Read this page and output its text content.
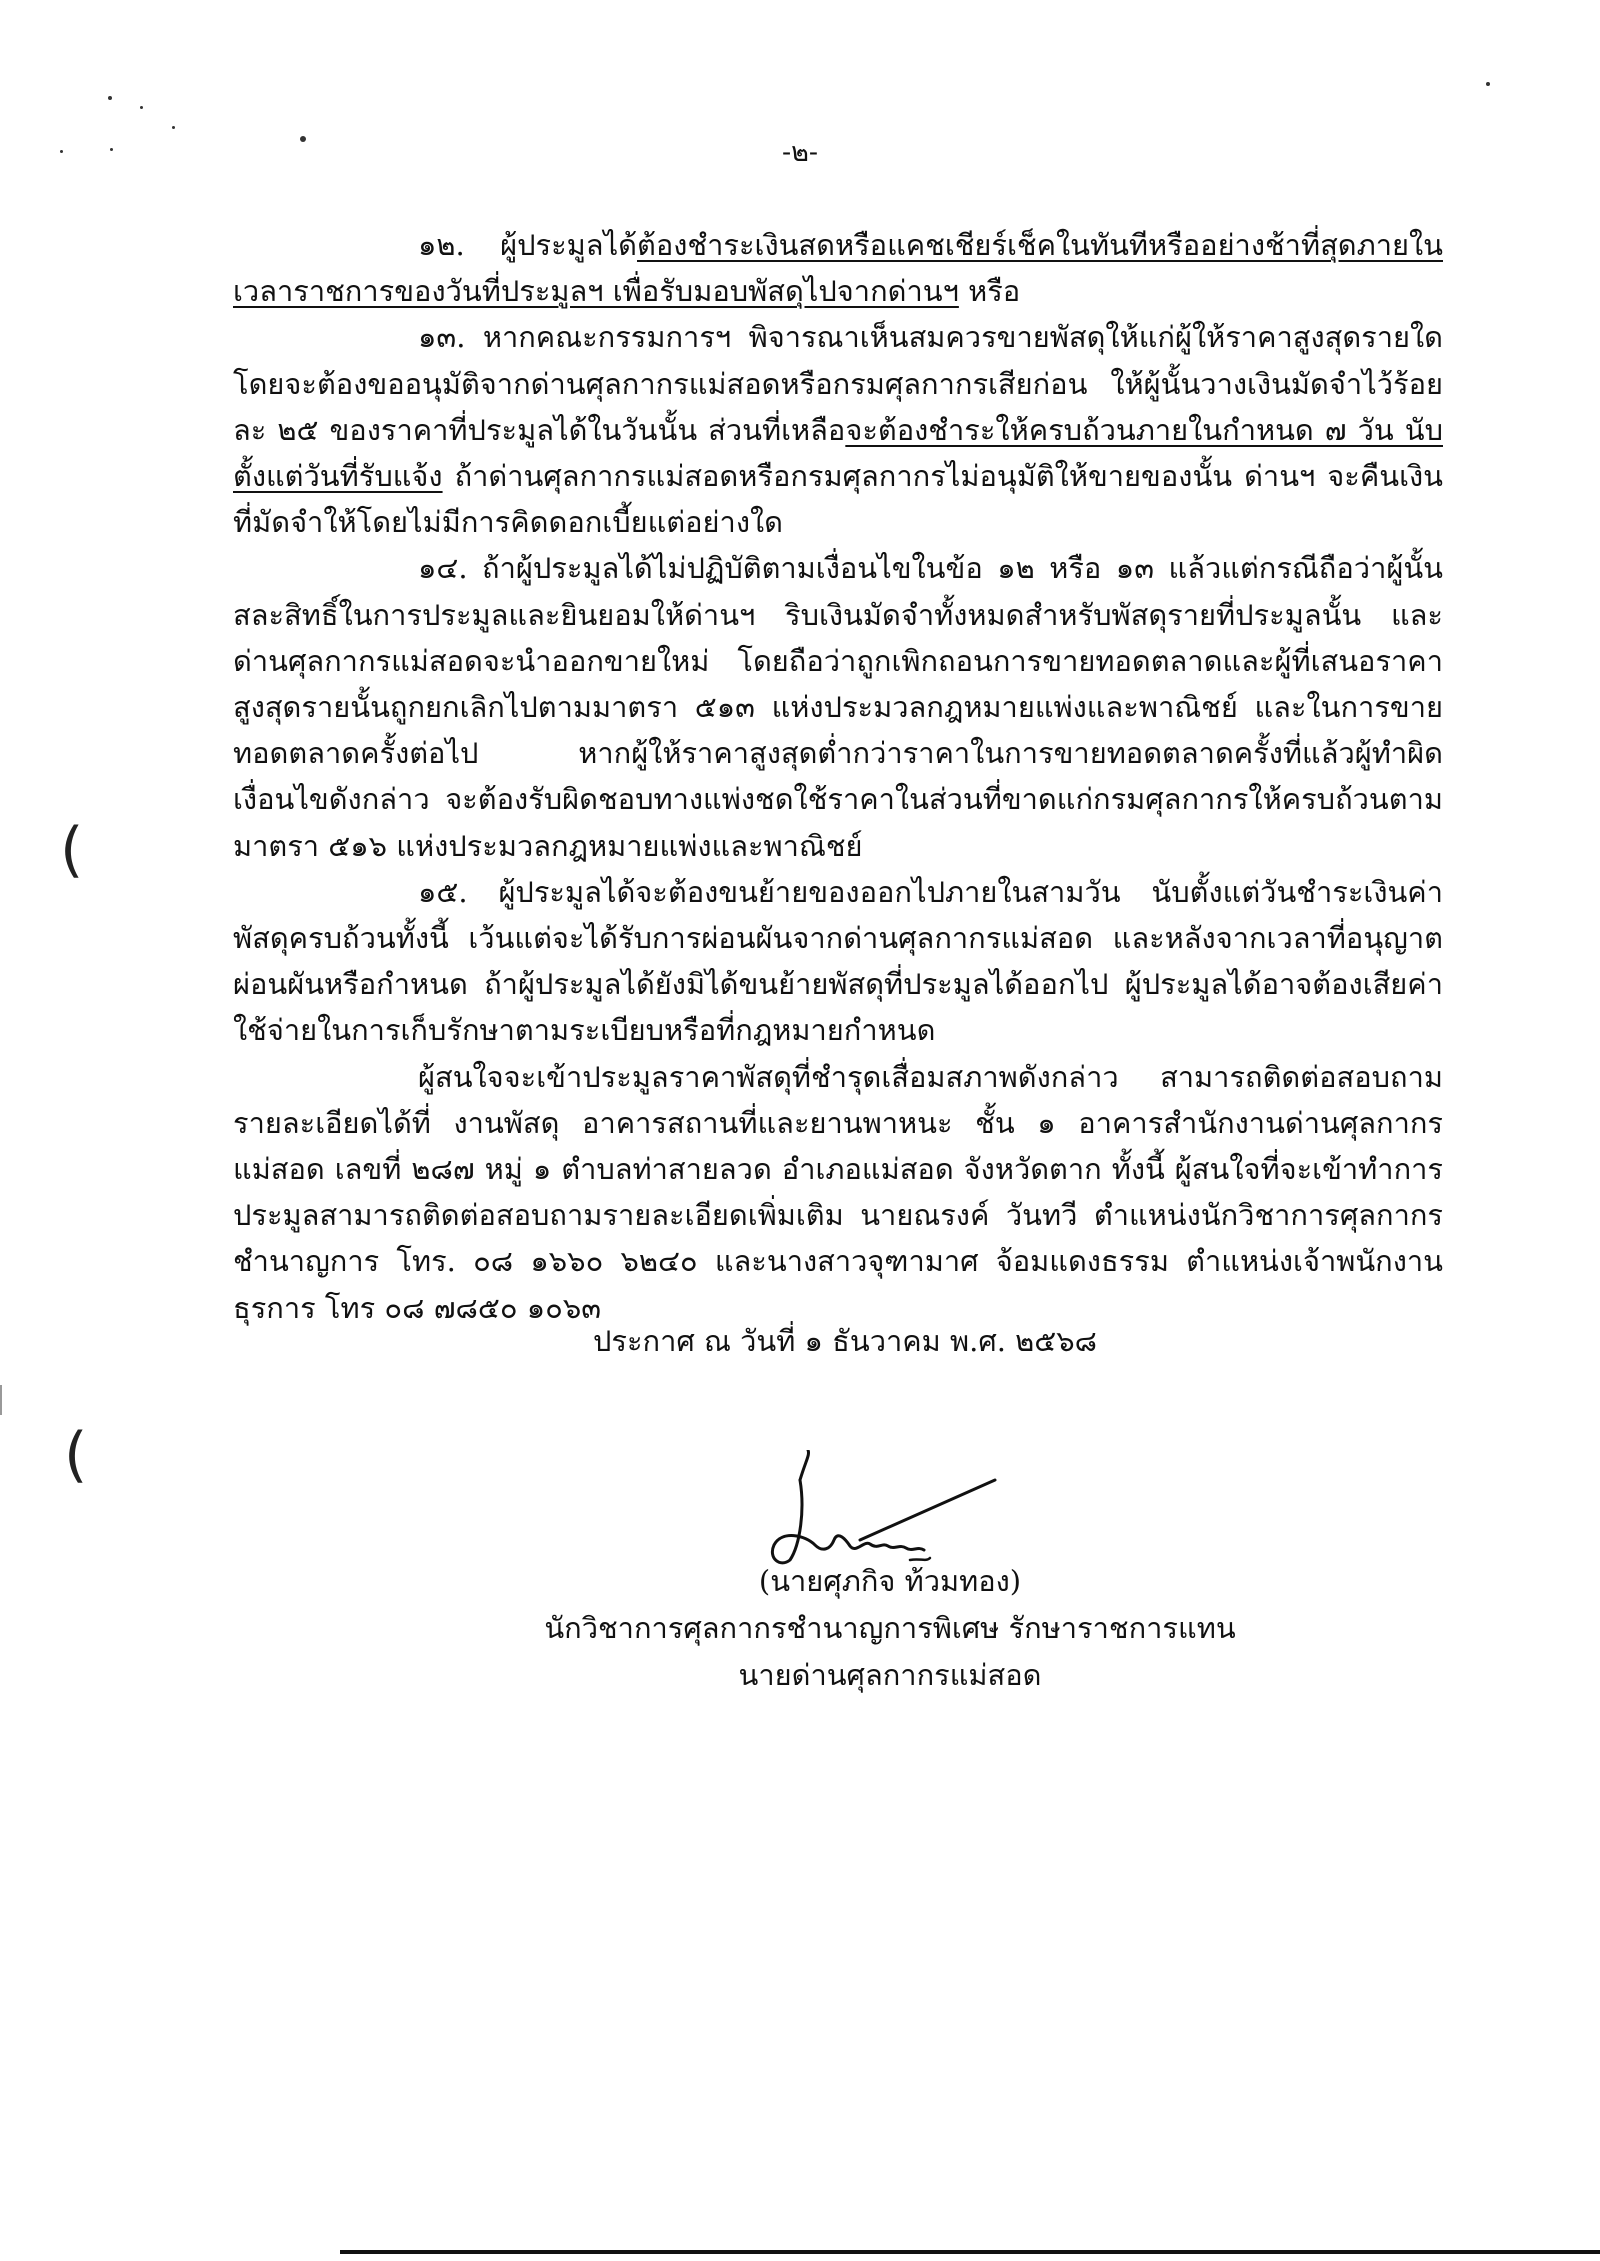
(
(
-๒-

๑๒. ผู้ประมูลได้ต้องชำระเงินสดหรือแคชเชียร์เช็คในทันทีหรืออย่างช้าที่สุดภายในเวลาราชการของวันที่ประมูลฯ เพื่อรับมอบพัสดุไปจากด่านฯ หรือ

๑๓. หากคณะกรรมการฯ พิจารณาเห็นสมควรขายพัสดุให้แก่ผู้ให้ราคาสูงสุดรายใด โดยจะต้องขออนุมัติจากด่านศุลกากรแม่สอดหรือกรมศุลกากรเสียก่อน ให้ผู้นั้นวางเงินมัดจำไว้ร้อยละ ๒๕ ของราคาที่ประมูลได้ในวันนั้น ส่วนที่เหลือจะต้องชำระให้ครบถ้วนภายในกำหนด ๗ วัน นับตั้งแต่วันที่รับแจ้ง ถ้าด่านศุลกากรแม่สอดหรือกรมศุลกากรไม่อนุมัติให้ขายของนั้น ด่านฯ จะคืนเงินที่มัดจำให้โดยไม่มีการคิดดอกเบี้ยแต่อย่างใด

๑๔. ถ้าผู้ประมูลได้ไม่ปฏิบัติตามเงื่อนไขในข้อ ๑๒ หรือ ๑๓ แล้วแต่กรณีถือว่าผู้นั้นสละสิทธิ์ในการประมูลและยินยอมให้ด่านฯ ริบเงินมัดจำทั้งหมดสำหรับพัสดุรายที่ประมูลนั้น และด่านศุลกากรแม่สอดจะนำออกขายใหม่ โดยถือว่าถูกเพิกถอนการขายทอดตลาดและผู้ที่เสนอราคาสูงสุดรายนั้นถูกยกเลิกไปตามมาตรา ๕๑๓ แห่งประมวลกฎหมายแพ่งและพาณิชย์ และในการขายทอดตลาดครั้งต่อไป หากผู้ให้ราคาสูงสุดต่ำกว่าราคาในการขายทอดตลาดครั้งที่แล้วผู้ทำผิดเงื่อนไขดังกล่าว จะต้องรับผิดชอบทางแพ่งชดใช้ราคาในส่วนที่ขาดแก่กรมศุลกากรให้ครบถ้วนตามมาตรา ๕๑๖ แห่งประมวลกฎหมายแพ่งและพาณิชย์

๑๕. ผู้ประมูลได้จะต้องขนย้ายของออกไปภายในสามวัน นับตั้งแต่วันชำระเงินค่าพัสดุครบถ้วนทั้งนี้ เว้นแต่จะได้รับการผ่อนผันจากด่านศุลกากรแม่สอด และหลังจากเวลาที่อนุญาตผ่อนผันหรือกำหนด ถ้าผู้ประมูลได้ยังมิได้ขนย้ายพัสดุที่ประมูลได้ออกไป ผู้ประมูลได้อาจต้องเสียค่าใช้จ่ายในการเก็บรักษาตามระเบียบหรือที่กฎหมายกำหนด

ผู้สนใจจะเข้าประมูลราคาพัสดุที่ชำรุดเสื่อมสภาพดังกล่าว สามารถติดต่อสอบถามรายละเอียดได้ที่ งานพัสดุ อาคารสถานที่และยานพาหนะ ชั้น ๑ อาคารสำนักงานด่านศุลกากรแม่สอด เลขที่ ๒๘๗ หมู่ ๑ ตำบลท่าสายลวด อำเภอแม่สอด จังหวัดตาก ทั้งนี้ ผู้สนใจที่จะเข้าทำการประมูลสามารถติดต่อสอบถามรายละเอียดเพิ่มเติม นายณรงค์ วันทวี ตำแหน่งนักวิชาการศุลกากรชำนาญการ โทร. ๐๘ ๑๖๖๐ ๖๒๔๐ และนางสาวจุฑามาศ จ้อมแดงธรรม ตำแหน่งเจ้าพนักงานธุรการ โทร ๐๘ ๗๘๕๐ ๑๐๖๓

ประกาศ ณ วันที่ ๑ ธันวาคม พ.ศ. ๒๕๖๘
(นายศุภกิจ ท้วมทอง)
นักวิชาการศุลกากรชำนาญการพิเศษ รักษาราชการแทน
นายด่านศุลกากรแม่สอด
